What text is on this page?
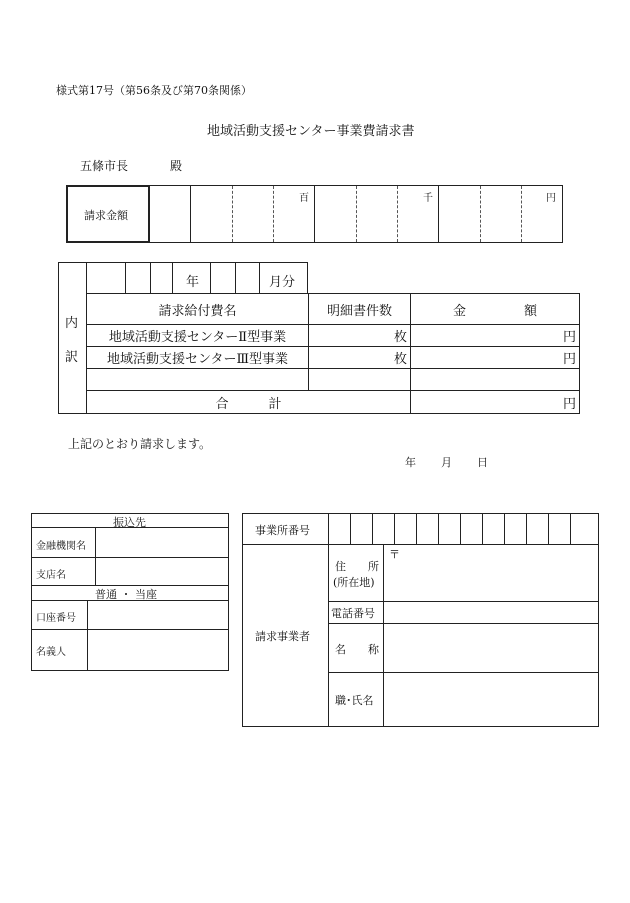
様式第17号（第56条及び第70条関係）
地域活動支援センター事業費請求書
五條市長	殿
請求金額
百	千	円
内
訳
年	月分
請求給付費名	明細書件数	金 額
地域活動支援センターⅡ型事業	枚	円
地域活動支援センターⅢ型事業	枚	円

合 計		円
上記のとおり請求します。
年 月 日
振込先
金融機関名
支店名
普通 ・ 当座
口座番号
名義人
事業所番号
請求事業者
住　　所
(所在地)
〒
電話番号
名　　称
職･氏名
